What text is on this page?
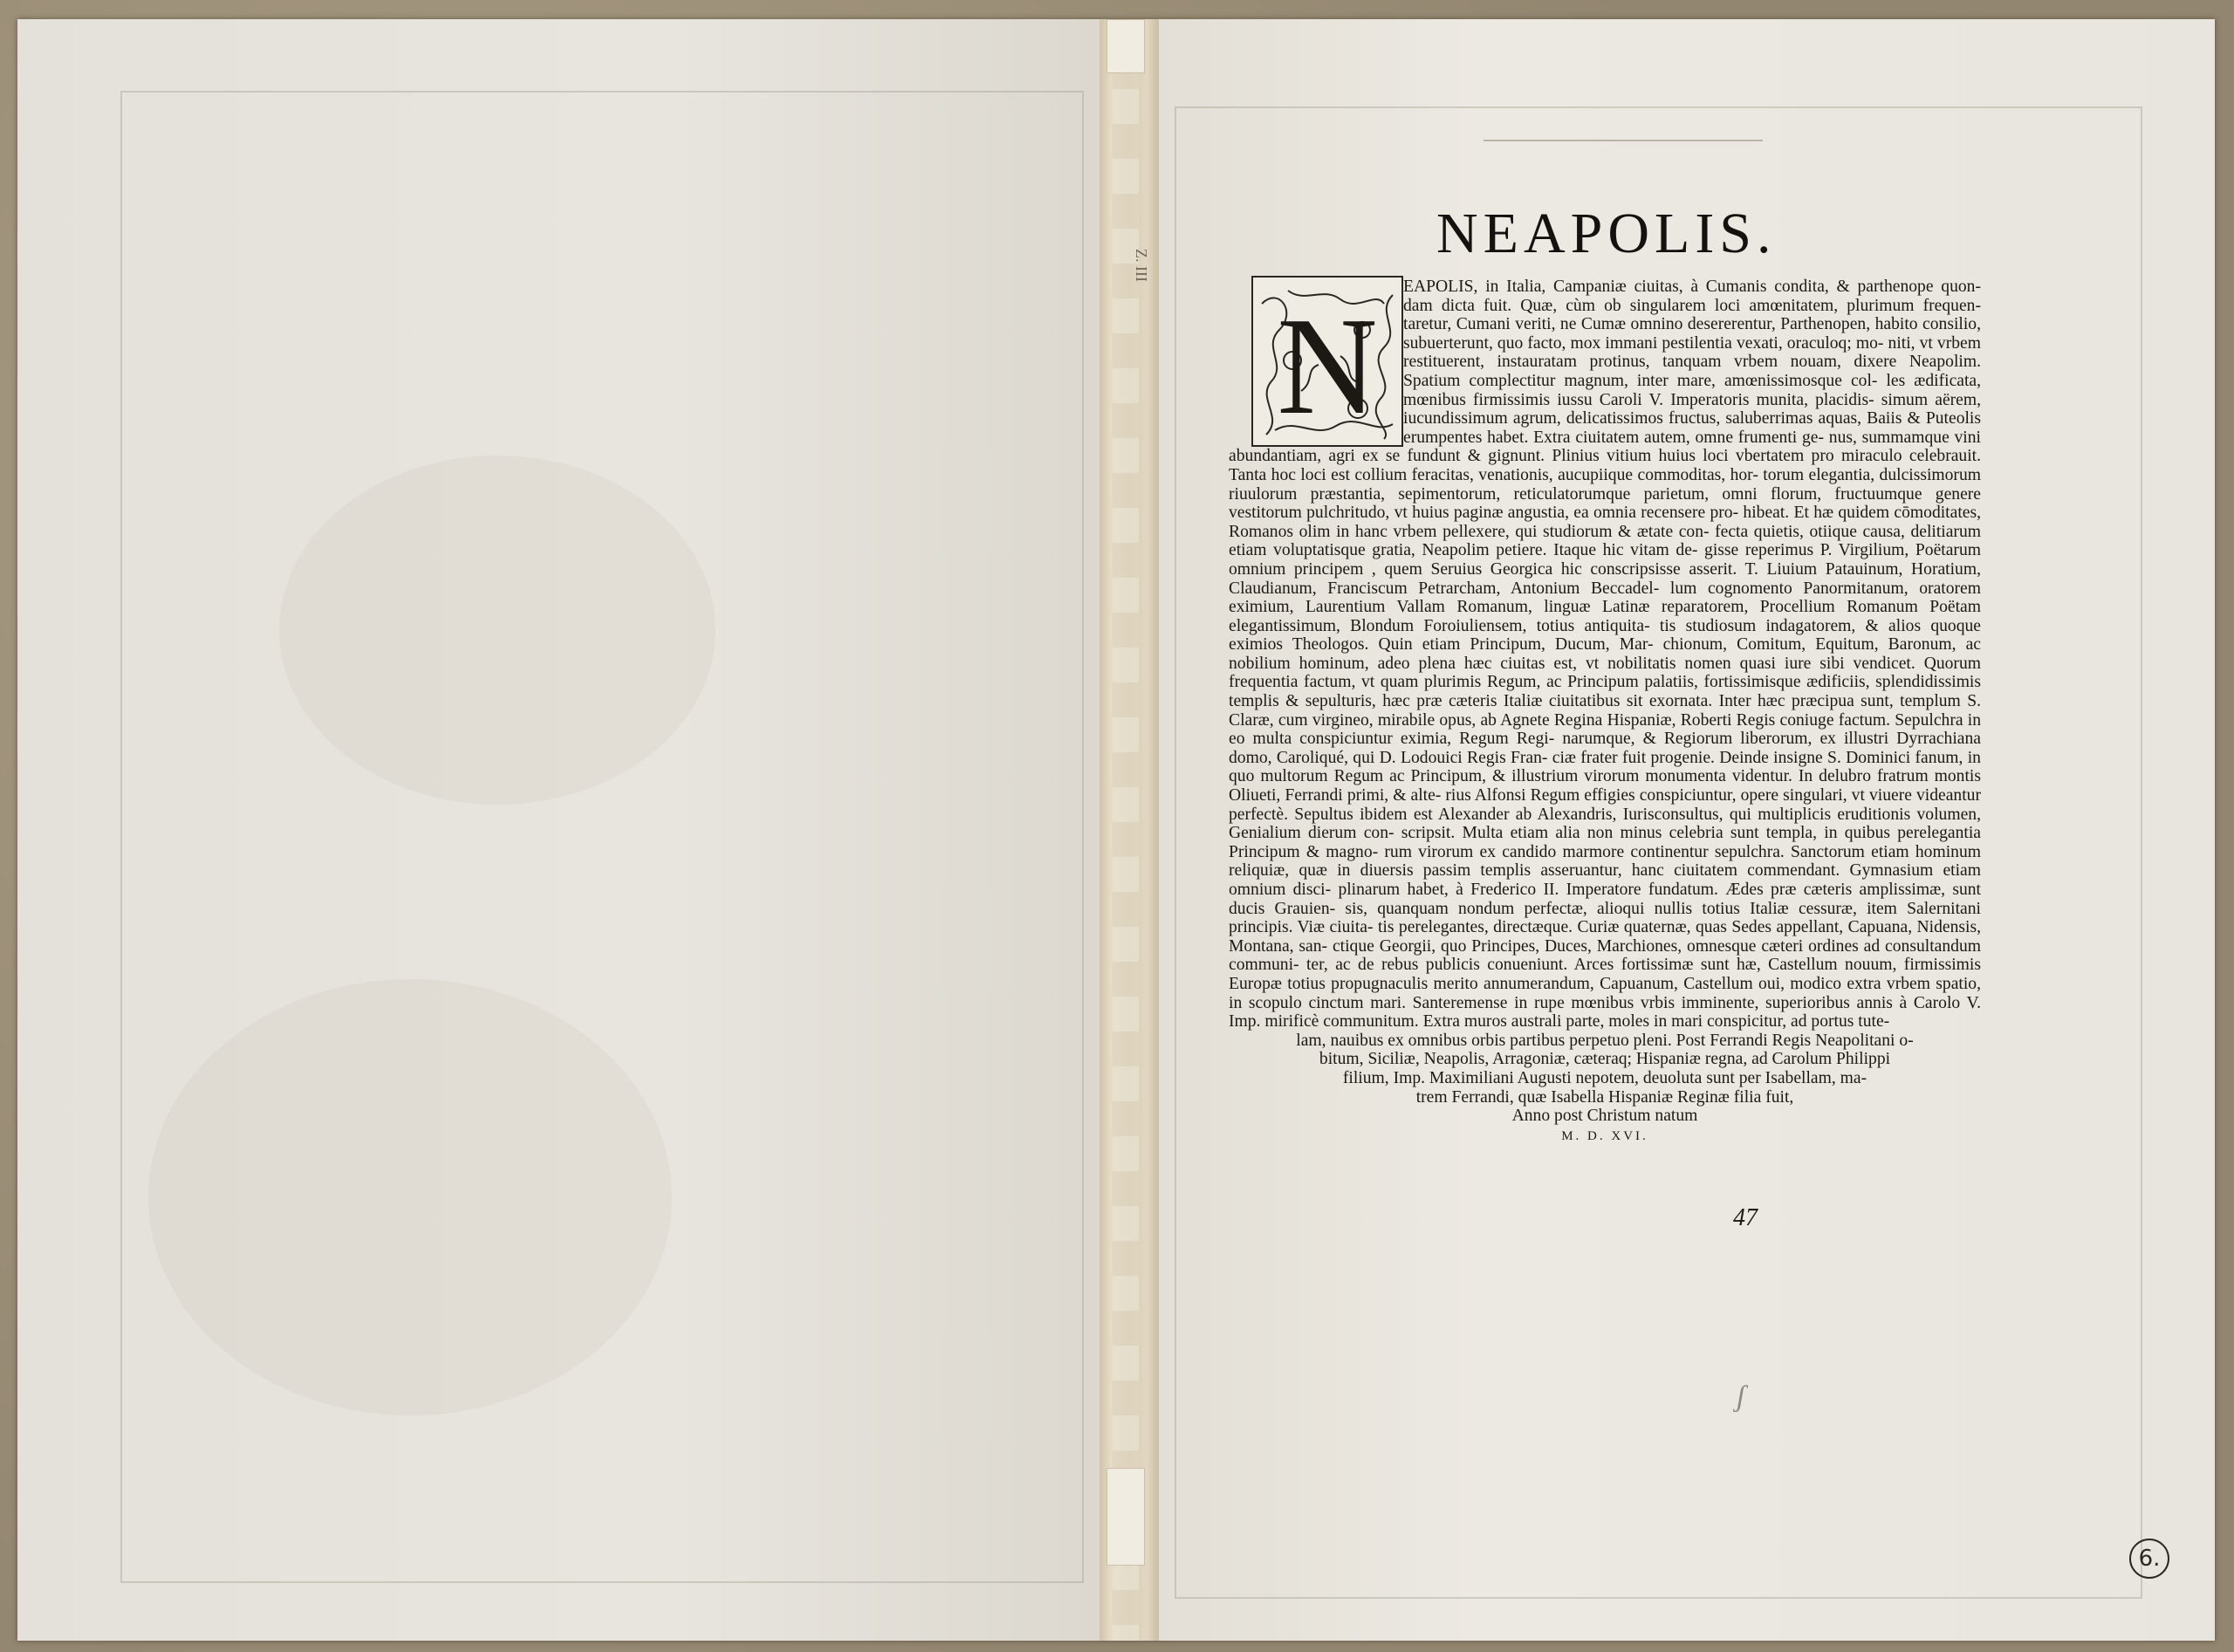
Z. III	NEAPOLIS.
N
EAPOLIS, in Italia, Campaniæ ciuitas, à Cumanis condita, & parthenope quon- dam dicta fuit. Quæ, cùm ob singularem loci amœnitatem, plurimum frequen- taretur, Cumani veriti, ne Cumæ omnino desererentur, Parthenopen, habito consilio, subuerterunt, quo facto, mox immani pestilentia vexati, oraculoq; mo- niti, vt vrbem restituerent, instauratam protinus, tanquam vrbem nouam, dixere Neapolim. Spatium complectitur magnum, inter mare, amœnissimosque col- les ædificata, mœnibus firmissimis iussu Caroli V. Imperatoris munita, placidis- simum aërem, iucundissimum agrum, delicatissimos fructus, saluberrimas aquas, Baiis & Puteolis erumpentes habet. Extra ciuitatem autem, omne frumenti ge- nus, summamque vini abundantiam, agri ex se fundunt & gignunt. Plinius vitium huius loci vbertatem pro miraculo celebrauit. Tanta hoc loci est collium feracitas, venationis, aucupiique commoditas, hor- torum elegantia, dulcissimorum riuulorum præstantia, sepimentorum, reticulatorumque parietum, omni florum, fructuumque genere vestitorum pulchritudo, vt huius paginæ angustia, ea omnia recensere pro- hibeat. Et hæ quidem cōmoditates, Romanos olim in hanc vrbem pellexere, qui studiorum & ætate con- fecta quietis, otiique causa, delitiarum etiam voluptatisque gratia, Neapolim petiere. Itaque hic vitam de- gisse reperimus P. Virgilium, Poëtarum omnium principem , quem Seruius Georgica hic conscripsisse asserit. T. Liuium Patauinum, Horatium, Claudianum, Franciscum Petrarcham, Antonium Beccadel- lum cognomento Panormitanum, oratorem eximium, Laurentium Vallam Romanum, linguæ Latinæ reparatorem, Procellium Romanum Poëtam elegantissimum, Blondum Foroiuliensem, totius antiquita- tis studiosum indagatorem, & alios quoque eximios Theologos. Quin etiam Principum, Ducum, Mar- chionum, Comitum, Equitum, Baronum, ac nobilium hominum, adeo plena hæc ciuitas est, vt nobilitatis nomen quasi iure sibi vendicet. Quorum frequentia factum, vt quam plurimis Regum, ac Principum palatiis, fortissimisque ædificiis, splendidissimis templis & sepulturis, hæc præ cæteris Italiæ ciuitatibus sit exornata. Inter hæc præcipua sunt, templum S. Claræ, cum virgineo, mirabile opus, ab Agnete Regina Hispaniæ, Roberti Regis coniuge factum. Sepulchra in eo multa conspiciuntur eximia, Regum Regi- narumque, & Regiorum liberorum, ex illustri Dyrrachiana domo, Caroliqué, qui D. Lodouici Regis Fran- ciæ frater fuit progenie. Deinde insigne S. Dominici fanum, in quo multorum Regum ac Principum, & illustrium virorum monumenta videntur. In delubro fratrum montis Oliueti, Ferrandi primi, & alte- rius Alfonsi Regum effigies conspiciuntur, opere singulari, vt viuere videantur perfectè. Sepultus ibidem est Alexander ab Alexandris, Iurisconsultus, qui multiplicis eruditionis volumen, Genialium dierum con- scripsit. Multa etiam alia non minus celebria sunt templa, in quibus perelegantia Principum & magno- rum virorum ex candido marmore continentur sepulchra. Sanctorum etiam hominum reliquiæ, quæ in diuersis passim templis asseruantur, hanc ciuitatem commendant. Gymnasium etiam omnium disci- plinarum habet, à Frederico II. Imperatore fundatum. Ædes præ cæteris amplissimæ, sunt ducis Grauien- sis, quanquam nondum perfectæ, alioqui nullis totius Italiæ cessuræ, item Salernitani principis. Viæ ciuita- tis perelegantes, directæque. Curiæ quaternæ, quas Sedes appellant, Capuana, Nidensis, Montana, san- ctique Georgii, quo Principes, Duces, Marchiones, omnesque cæteri ordines ad consultandum communi- ter, ac de rebus publicis conueniunt. Arces fortissimæ sunt hæ, Castellum nouum, firmissimis Europæ totius propugnaculis merito annumerandum, Capuanum, Castellum oui, modico extra vrbem spatio, in scopulo cinctum mari. Santeremense in rupe mœnibus vrbis imminente, superioribus annis à Carolo V. Imp. mirificè communitum. Extra muros australi parte, moles in mari conspicitur, ad portus tute-
lam, nauibus ex omnibus orbis partibus perpetuo pleni. Post Ferrandi Regis Neapolitani o-
bitum, Siciliæ, Neapolis, Arragoniæ, cæteraq; Hispaniæ regna, ad Carolum Philippi
filium, Imp. Maximiliani Augusti nepotem, deuoluta sunt per Isabellam, ma-
trem Ferrandi, quæ Isabella Hispaniæ Reginæ filia fuit,
Anno post Christum natum
M. D. XVI.
47
ʃ
6.
